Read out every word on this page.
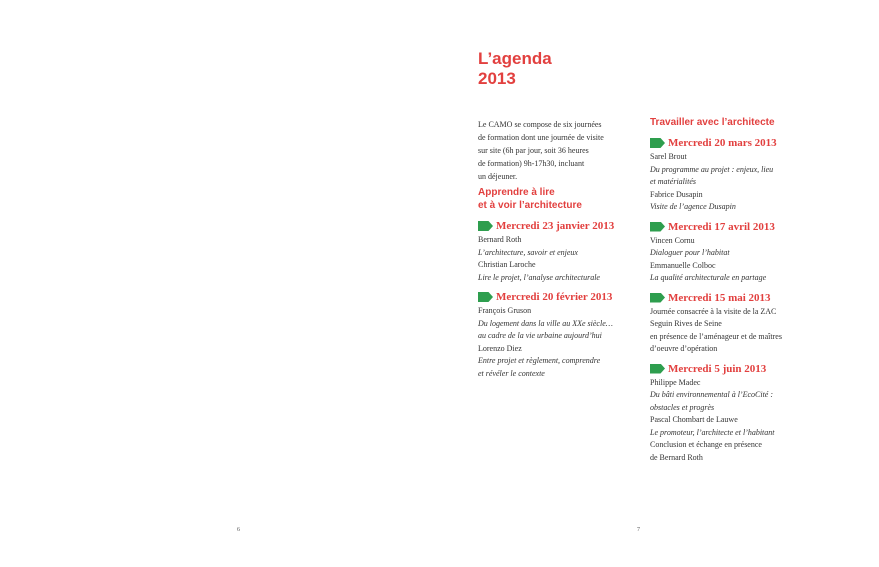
L’agenda
2013
Le CAMO se compose de six journées
de formation dont une journée de visite
sur site (6h par jour, soit 36 heures
de formation) 9h-17h30, incluant
un déjeuner.
Apprendre à lire
et à voir l’architecture
Mercredi 23 janvier 2013
Bernard Roth
L’architecture, savoir et enjeux
Christian Laroche
Lire le projet, l’analyse architecturale
Mercredi 20 février 2013
François Gruson
Du logement dans la ville au XXe siècle…
au cadre de la vie urbaine aujourd’hui
Lorenzo Diez
Entre projet et règlement, comprendre
et révéler le contexte
Travailler avec l’architecte
Mercredi 20 mars 2013
Sarel Brout
Du programme au projet : enjeux, lieu
et matérialités
Fabrice Dusapin
Visite de l’agence Dusapin
Mercredi 17 avril 2013
Vincen Cornu
Dialoguer pour l’habitat
Emmanuelle Colboc
La qualité architecturale en partage
Mercredi 15 mai 2013
Journée consacrée à la visite de la ZAC
Seguin Rives de Seine
en présence de l’aménageur et de maîtres
d’oeuvre d’opération
Mercredi 5 juin 2013
Philippe Madec
Du bâti environnemental à l’EcoCité :
obstacles et progrès
Pascal Chombart de Lauwe
Le promoteur, l’architecte et l’habitant
Conclusion et échange en présence
de Bernard Roth
6	7
